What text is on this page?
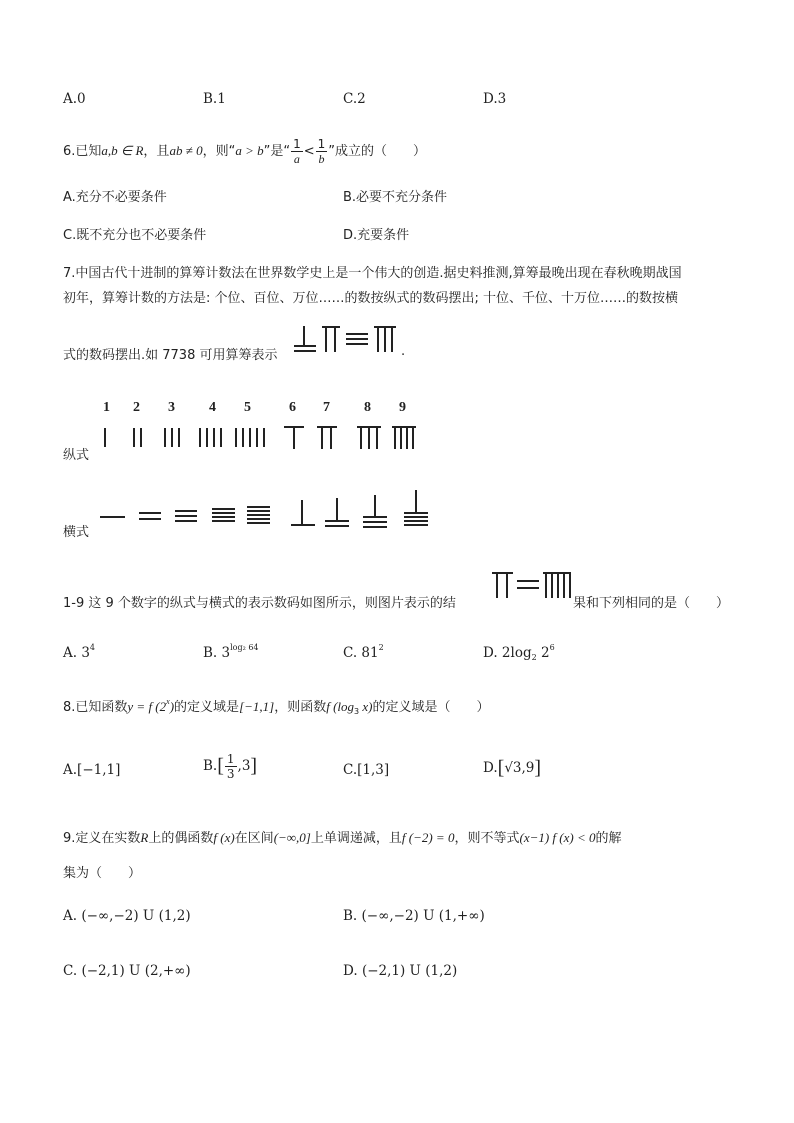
A.0	B.1	C.2	D.3
6.已知a,b ∈ R，且ab ≠ 0，则“a > b”是“ $\frac{1}{a} < \frac{1}{b}$ ”成立的（　　）
A.充分不必要条件	B.必要不充分条件
C.既不充分也不必要条件	D.充要条件
7.中国古代十进制的算筹计数法在世界数学史上是一个伟大的创造.据史料推测,算筹最晚出现在春秋晚期战国
初年，算筹计数的方法是: 个位、百位、万位……的数按纵式的数码摆出; 十位、千位、十万位……的数按横
式的数码摆出.如 7738 可用算筹表示	.
1 2 3 4 5	6 7 8 9
纵式
横式
1-9 这 9 个数字的纵式与横式的表示数码如图所示，则图片表示的结	果和下列相同的是（　　）
A. $3^4$	B. $3^{log_2 64}$	C. $81^2$	D. $2\log_2$ $2^6$
8.已知函数y = f (2$^x$)的定义域是[−1,1]，则函数f ($\log_3$ x)的定义域是（　　）
A.[−1,1]	$B.[ \frac{1}{3} ,3]$	C.[1,3]	D.[√3,9]
9.定义在实数R上的偶函数f (x)在区间(−∞,0]上单调递减，且f (−2) = 0，则不等式(x−1) f (x) < 0的解
集为（　　）
A. (−∞,−2) U (1,2)	B. (−∞,−2) U (1,+∞)
C. (−2,1) U (2,+∞)	D. (−2,1) U (1,2)
